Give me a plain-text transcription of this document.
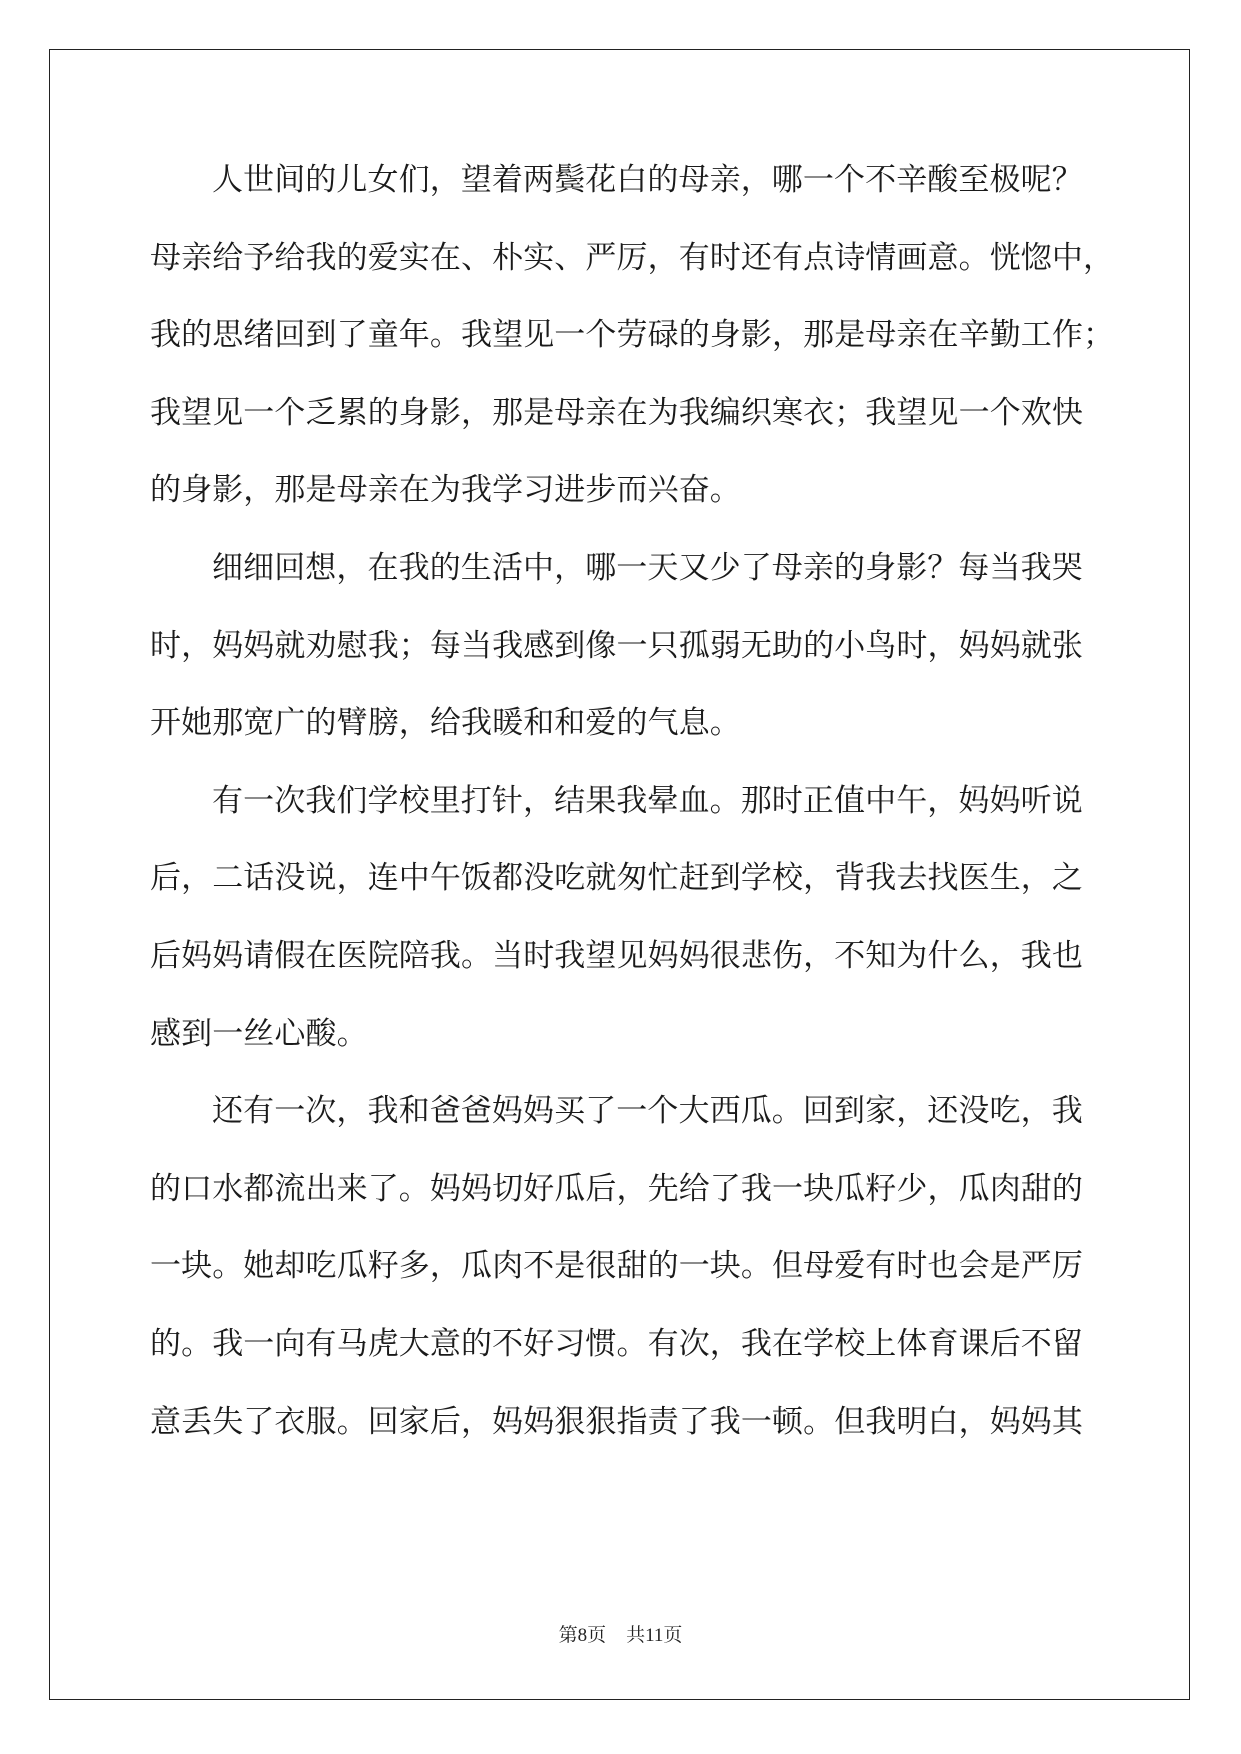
人世间的儿女们，望着两鬓花白的母亲，哪一个不辛酸至极呢？
母亲给予给我的爱实在、朴实、严厉，有时还有点诗情画意。恍惚中，
我的思绪回到了童年。我望见一个劳碌的身影，那是母亲在辛勤工作；
我望见一个乏累的身影，那是母亲在为我编织寒衣；我望见一个欢快
的身影，那是母亲在为我学习进步而兴奋。
细细回想，在我的生活中，哪一天又少了母亲的身影？每当我哭
时，妈妈就劝慰我；每当我感到像一只孤弱无助的小鸟时，妈妈就张
开她那宽广的臂膀，给我暖和和爱的气息。
有一次我们学校里打针，结果我晕血。那时正值中午，妈妈听说
后，二话没说，连中午饭都没吃就匆忙赶到学校，背我去找医生，之
后妈妈请假在医院陪我。当时我望见妈妈很悲伤，不知为什么，我也
感到一丝心酸。
还有一次，我和爸爸妈妈买了一个大西瓜。回到家，还没吃，我
的口水都流出来了。妈妈切好瓜后，先给了我一块瓜籽少，瓜肉甜的
一块。她却吃瓜籽多，瓜肉不是很甜的一块。但母爱有时也会是严厉
的。我一向有马虎大意的不好习惯。有次，我在学校上体育课后不留
意丢失了衣服。回家后，妈妈狠狠指责了我一顿。但我明白，妈妈其
第8页 共11页
